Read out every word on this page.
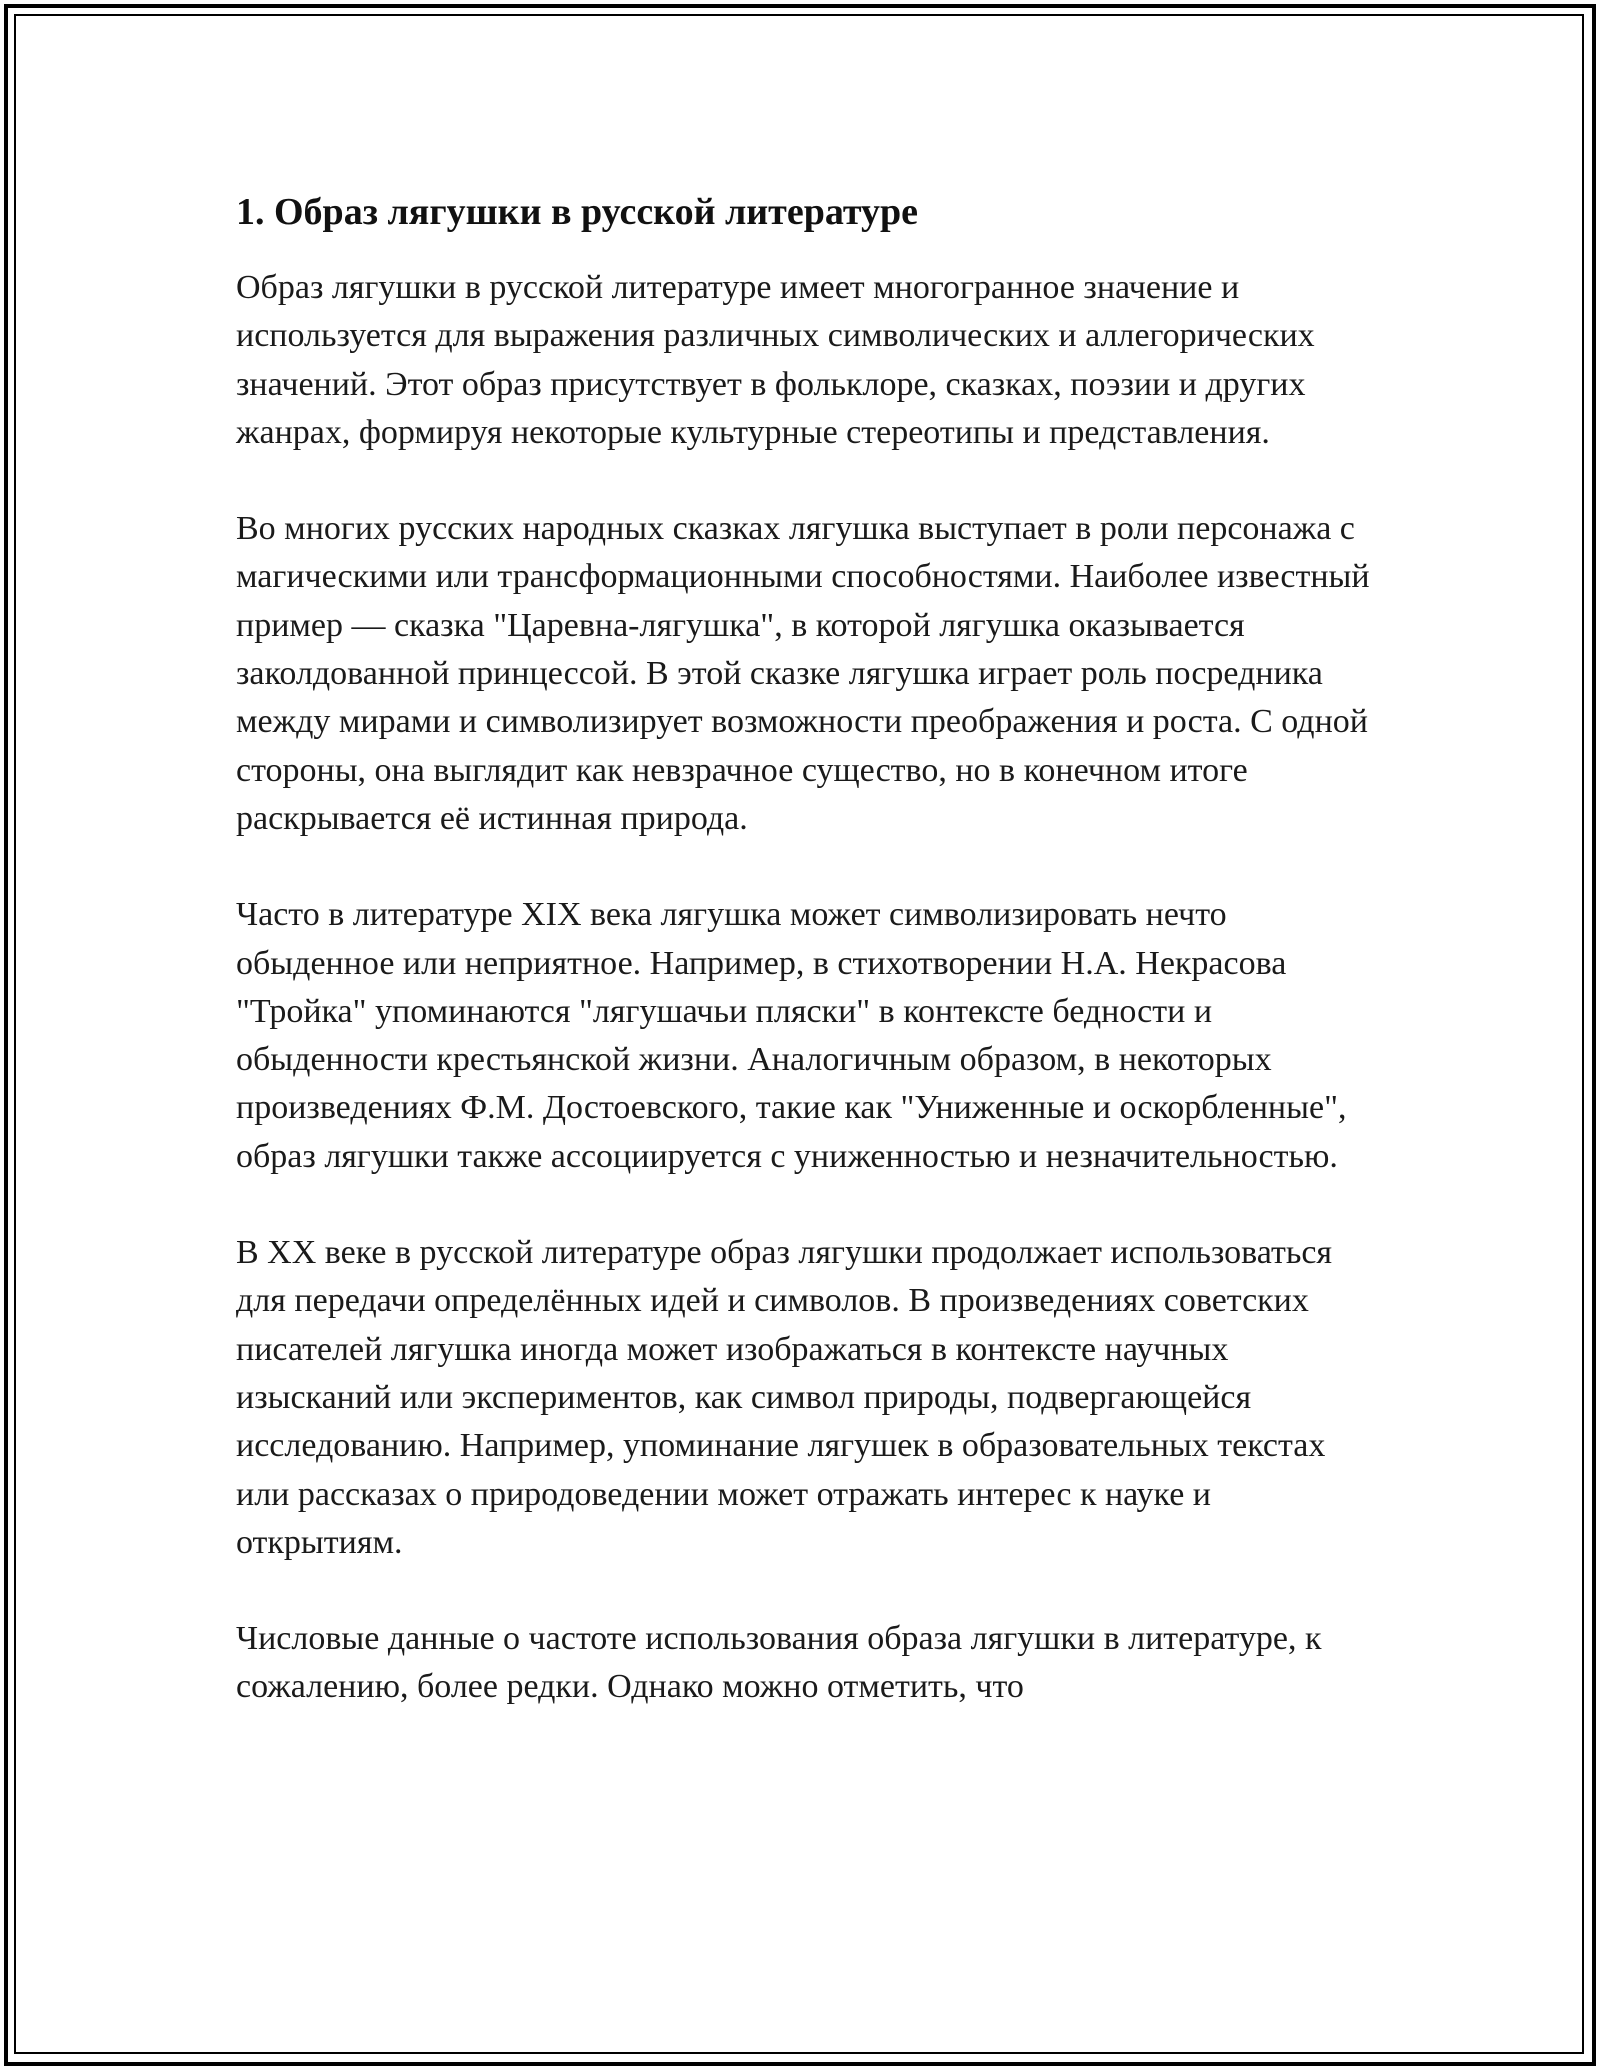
1. Образ лягушки в русской литературе

Образ лягушки в русской литературе имеет многогранное значение и используется для выражения различных символических и аллегорических значений. Этот образ присутствует в фольклоре, сказках, поэзии и других жанрах, формируя некоторые культурные стереотипы и представления.

Во многих русских народных сказках лягушка выступает в роли персонажа с магическими или трансформационными способностями. Наиболее известный пример — сказка "Царевна-лягушка", в которой лягушка оказывается заколдованной принцессой. В этой сказке лягушка играет роль посредника между мирами и символизирует возможности преображения и роста. С одной стороны, она выглядит как невзрачное существо, но в конечном итоге раскрывается её истинная природа.

Часто в литературе XIX века лягушка может символизировать нечто обыденное или неприятное. Например, в стихотворении Н.А. Некрасова "Тройка" упоминаются "лягушачьи пляски" в контексте бедности и обыденности крестьянской жизни. Аналогичным образом, в некоторых произведениях Ф.М. Достоевского, такие как "Униженные и оскорбленные", образ лягушки также ассоциируется с униженностью и незначительностью.

В XX веке в русской литературе образ лягушки продолжает использоваться для передачи определённых идей и символов. В произведениях советских писателей лягушка иногда может изображаться в контексте научных изысканий или экспериментов, как символ природы, подвергающейся исследованию. Например, упоминание лягушек в образовательных текстах или рассказах о природоведении может отражать интерес к науке и открытиям.

Числовые данные о частоте использования образа лягушки в литературе, к сожалению, более редки. Однако можно отметить, что
